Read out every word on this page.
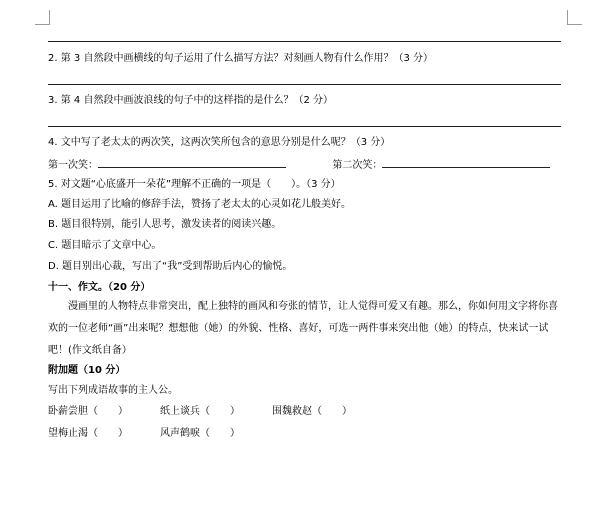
2. 第 3 自然段中画横线的句子运用了什么描写方法？对刻画人物有什么作用？（3 分）
3. 第 4 自然段中画波浪线的句子中的这样指的是什么？（2 分）
4. 文中写了老太太的两次笑，这两次笑所包含的意思分别是什么呢？（3 分）
第一次笑：	第二次笑：
5. 对文题“心底盛开一朵花”理解不正确的一项是（　　）。（3 分）
A. 题目运用了比喻的修辞手法，赞扬了老太太的心灵如花儿般美好。
B. 题目很特别，能引人思考，激发读者的阅读兴趣。
C. 题目暗示了文章中心。
D. 题目别出心裁，写出了“我”受到帮助后内心的愉悦。
十一、作文。（20 分）
漫画里的人物特点非常突出，配上独特的画风和夸张的情节，让人觉得可爱又有趣。那么，你如何用文字将你喜欢的一位老师“画”出来呢？想想他（她）的外貌、性格、喜好，可选一两件事来突出他（她）的特点，快来试一试吧！(作文纸自备）
附加题（10 分）
写出下列成语故事的主人公。
卧薪尝胆（　　）	纸上谈兵（　　）	围魏救赵（　　）
望梅止渴（　　）	风声鹤唳（　　）
